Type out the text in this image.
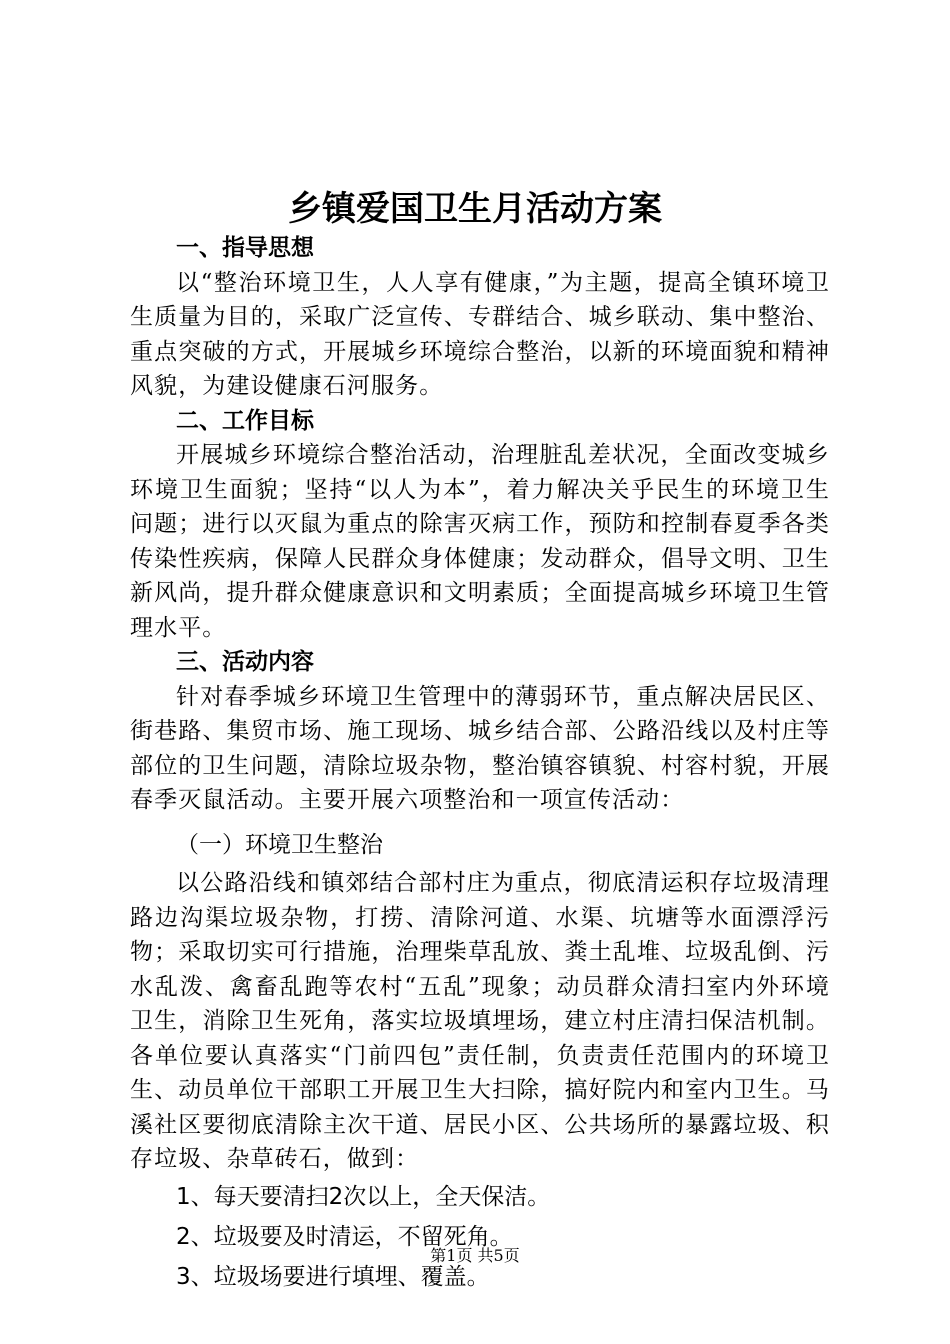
乡镇爱国卫生月活动方案

一、指导思想

以“整治环境卫生，人人享有健康，”为主题，提高全镇环境卫生质量为目的，采取广泛宣传、专群结合、城乡联动、集中整治、重点突破的方式，开展城乡环境综合整治，以新的环境面貌和精神风貌，为建设健康石河服务。

二、工作目标

开展城乡环境综合整治活动，治理脏乱差状况，全面改变城乡环境卫生面貌；坚持“以人为本”，着力解决关乎民生的环境卫生问题；进行以灭鼠为重点的除害灭病工作，预防和控制春夏季各类传染性疾病，保障人民群众身体健康；发动群众，倡导文明、卫生新风尚，提升群众健康意识和文明素质；全面提高城乡环境卫生管理水平。

三、活动内容

针对春季城乡环境卫生管理中的薄弱环节，重点解决居民区、街巷路、集贸市场、施工现场、城乡结合部、公路沿线以及村庄等部位的卫生问题，清除垃圾杂物，整治镇容镇貌、村容村貌，开展春季灭鼠活动。主要开展六项整治和一项宣传活动：

（一）环境卫生整治

以公路沿线和镇郊结合部村庄为重点，彻底清运积存垃圾清理路边沟渠垃圾杂物，打捞、清除河道、水渠、坑塘等水面漂浮污物；采取切实可行措施，治理柴草乱放、粪土乱堆、垃圾乱倒、污水乱泼、禽畜乱跑等农村“五乱”现象；动员群众清扫室内外环境卫生，消除卫生死角，落实垃圾填埋场，建立村庄清扫保洁机制。各单位要认真落实“门前四包”责任制，负责责任范围内的环境卫生、动员单位干部职工开展卫生大扫除，搞好院内和室内卫生。马溪社区要彻底清除主次干道、居民小区、公共场所的暴露垃圾、积存垃圾、杂草砖石，做到：

1、每天要清扫2次以上，全天保洁。

2、垃圾要及时清运，不留死角。

3、垃圾场要进行填埋、覆盖。

第1页 共5页
